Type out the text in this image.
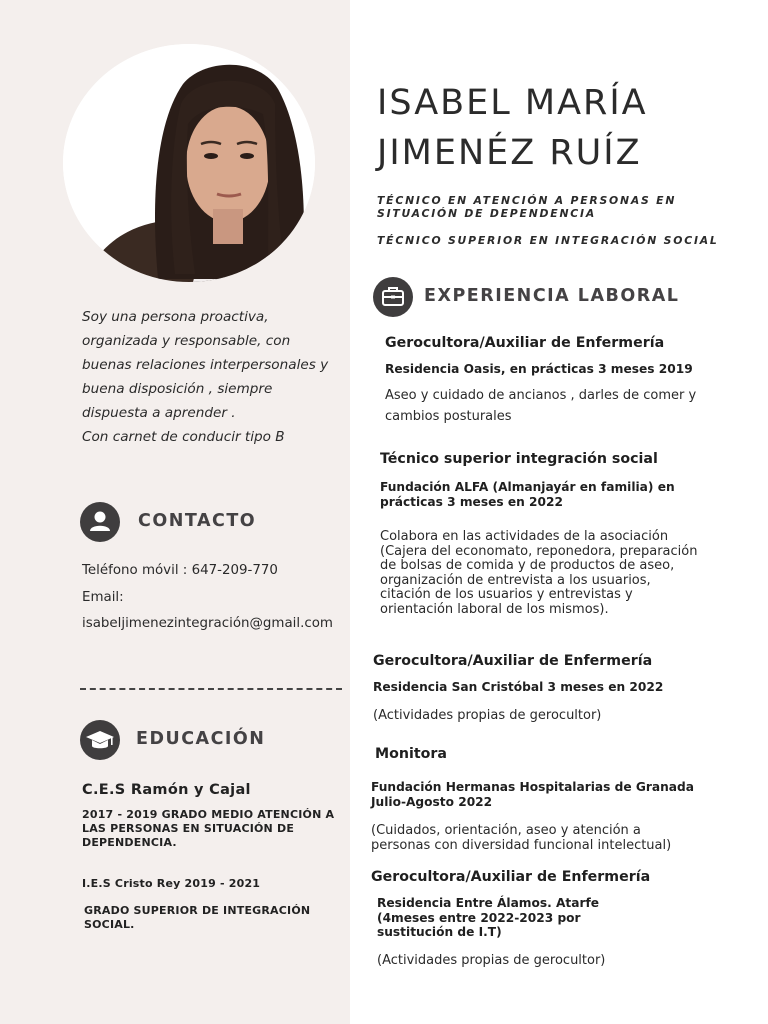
Soy una persona proactiva,
organizada y responsable, con
buenas relaciones interpersonales y
buena disposición , siempre
dispuesta a aprender .
Con carnet de conducir tipo B
CONTACTO
Teléfono móvil : 647-209-770
Email:
isabeljimenezintegración@gmail.com
EDUCACIÓN
C.E.S Ramón y Cajal
2017 - 2019 GRADO MEDIO ATENCIÓN A LAS PERSONAS EN SITUACIÓN DE DEPENDENCIA.
I.E.S Cristo Rey 2019 - 2021
GRADO SUPERIOR DE INTEGRACIÓN SOCIAL.
ISABEL MARÍA
JIMENÉZ RUÍZ
TÉCNICO EN ATENCIÓN A PERSONAS EN SITUACIÓN DE DEPENDENCIA
TÉCNICO SUPERIOR EN INTEGRACIÓN SOCIAL
EXPERIENCIA LABORAL
Gerocultora/Auxiliar de Enfermería
Residencia Oasis, en prácticas 3 meses 2019
Aseo y cuidado de ancianos , darles de comer y cambios posturales
Técnico superior integración social
Fundación ALFA (Almanjayár en familia) en prácticas 3 meses en 2022
Colabora en las actividades de la asociación (Cajera del economato, reponedora, preparación de bolsas de comida y de productos de aseo, organización de entrevista a los usuarios, citación de los usuarios y entrevistas y orientación laboral de los mismos).
Gerocultora/Auxiliar de Enfermería
Residencia San Cristóbal 3 meses en 2022
(Actividades propias de gerocultor)
Monitora
Fundación Hermanas Hospitalarias de Granada Julio-Agosto 2022
(Cuidados, orientación, aseo y atención a personas con diversidad funcional intelectual)
Gerocultora/Auxiliar de Enfermería
Residencia Entre Álamos. Atarfe (4meses entre 2022-2023 por sustitución de I.T)
(Actividades propias de gerocultor)
